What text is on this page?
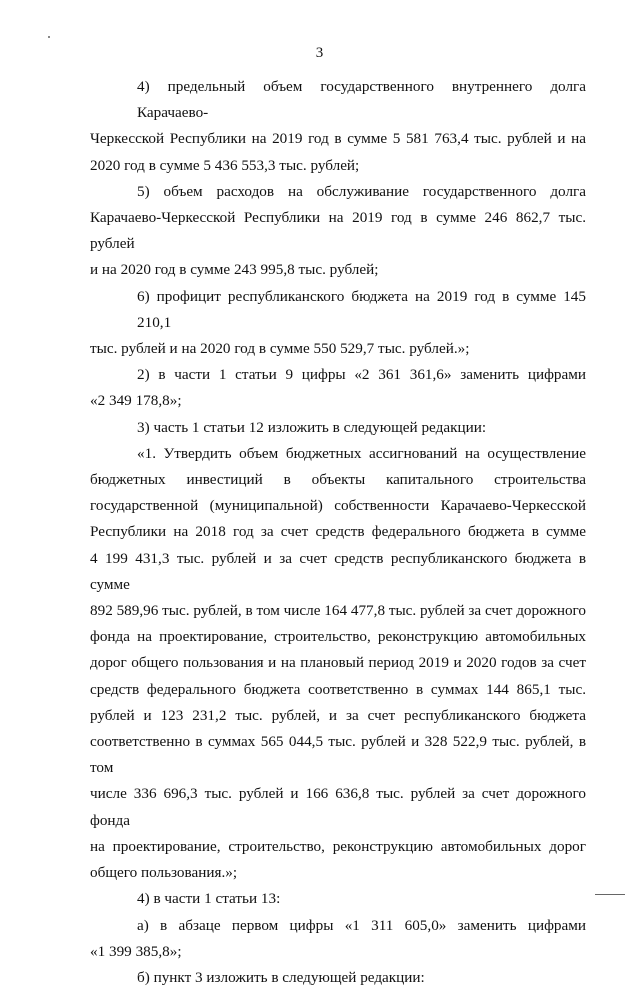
3
4) предельный объем государственного внутреннего долга Карачаево-
Черкесской Республики на 2019 год в сумме 5 581 763,4 тыс. рублей и на
2020 год в сумме 5 436 553,3 тыс. рублей;
5) объем расходов на обслуживание государственного долга
Карачаево-Черкесской Республики на 2019 год в сумме 246 862,7 тыс. рублей
и на 2020 год в сумме 243 995,8 тыс. рублей;
6) профицит республиканского бюджета на 2019 год в сумме 145 210,1
тыс. рублей и на 2020 год в сумме 550 529,7 тыс. рублей.»;
2) в части 1 статьи 9 цифры «2 361 361,6» заменить цифрами
«2 349 178,8»;
3) часть 1 статьи 12 изложить в следующей редакции:
«1. Утвердить объем бюджетных ассигнований на осуществление
бюджетных инвестиций в объекты капитального строительства
государственной (муниципальной) собственности Карачаево-Черкесской
Республики на 2018 год за счет средств федерального бюджета в сумме
4 199 431,3 тыс. рублей и за счет средств республиканского бюджета в сумме
892 589,96 тыс. рублей, в том числе 164 477,8 тыс. рублей за счет дорожного
фонда на проектирование, строительство, реконструкцию автомобильных
дорог общего пользования и на плановый период 2019 и 2020 годов за счет
средств федерального бюджета соответственно в суммах 144 865,1 тыс.
рублей и 123 231,2 тыс. рублей, и за счет республиканского бюджета
соответственно в суммах 565 044,5 тыс. рублей и 328 522,9 тыс. рублей, в том
числе 336 696,3 тыс. рублей и 166 636,8 тыс. рублей за счет дорожного фонда
на проектирование, строительство, реконструкцию автомобильных дорог
общего пользования.»;
4) в части 1 статьи 13:
а) в абзаце первом цифры «1 311 605,0» заменить цифрами
«1 399 385,8»;
б) пункт 3 изложить в следующей редакции:
